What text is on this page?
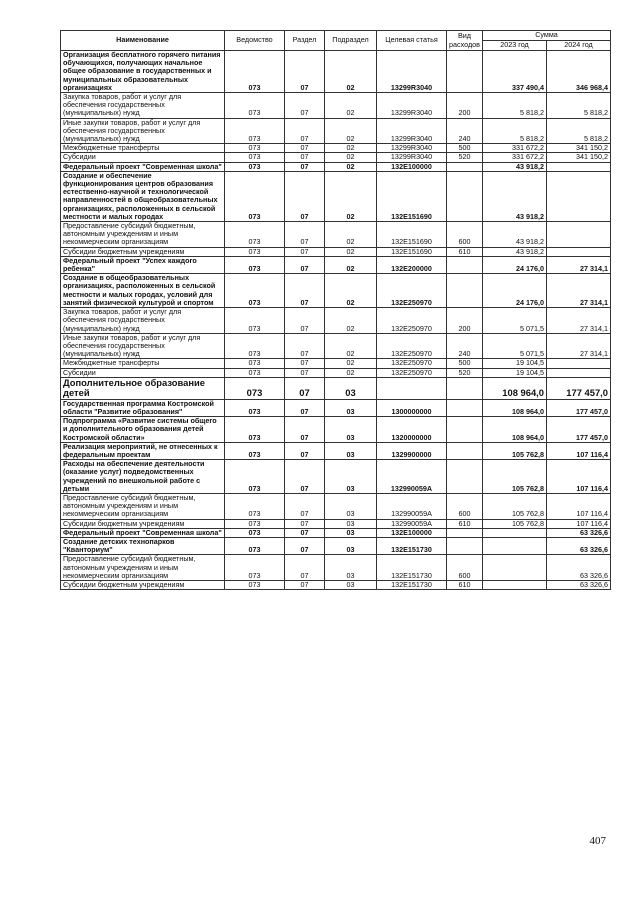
Наименование	Ведомство	Раздел	Подраздел	Целевая статья	Вид расходов	Сумма	
						2023 год	2024 год
Организация бесплатного горячего питания обучающихся, получающих начальное общее образование в государственных и муниципальных образовательных организациях	073	07	02	13299R3040		337 490,4	346 968,4
Закупка товаров, работ и услуг для обеспечения государственных (муниципальных) нужд	073	07	02	13299R3040	200	5 818,2	5 818,2
Иные закупки товаров, работ и услуг для обеспечения государственных (муниципальных) нужд	073	07	02	13299R3040	240	5 818,2	5 818,2
Межбюджетные трансферты	073	07	02	13299R3040	500	331 672,2	341 150,2
Субсидии	073	07	02	13299R3040	520	331 672,2	341 150,2
Федеральный проект "Современная школа"	073	07	02	132E100000		43 918,2	
Создание и обеспечение функционирования центров образования естественно-научной и технологической направленностей в общеобразовательных организациях, расположенных в сельской местности и малых городах	073	07	02	132E151690		43 918,2	
Предоставление субсидий бюджетным, автономным учреждениям и иным некоммерческим организациям	073	07	02	132E151690	600	43 918,2	
Субсидии бюджетным учреждениям	073	07	02	132E151690	610	43 918,2	
Федеральный проект "Успех каждого ребенка"	073	07	02	132E200000		24 176,0	27 314,1
Создание в общеобразовательных организациях, расположенных в сельской местности и малых городах, условий для занятий физической культурой и спортом	073	07	02	132E250970		24 176,0	27 314,1
Закупка товаров, работ и услуг для обеспечения государственных (муниципальных) нужд	073	07	02	132E250970	200	5 071,5	27 314,1
Иные закупки товаров, работ и услуг для обеспечения государственных (муниципальных) нужд	073	07	02	132E250970	240	5 071,5	27 314,1
Межбюджетные трансферты	073	07	02	132E250970	500	19 104,5	
Субсидии	073	07	02	132E250970	520	19 104,5	
Дополнительное образование детей	073	07	03			108 964,0	177 457,0
Государственная программа Костромской области "Развитие образования"	073	07	03	1300000000		108 964,0	177 457,0
Подпрограмма «Развитие системы общего и дополнительного образования детей Костромской области»	073	07	03	1320000000		108 964,0	177 457,0
Реализация мероприятий, не отнесенных к федеральным проектам	073	07	03	1329900000		105 762,8	107 116,4
Расходы на обеспечение деятельности (оказание услуг) подведомственных учреждений по внешкольной работе с детьми	073	07	03	132990059А		105 762,8	107 116,4
Предоставление субсидий бюджетным, автономным учреждениям и иным некоммерческим организациям	073	07	03	132990059А	600	105 762,8	107 116,4
Субсидии бюджетным учреждениям	073	07	03	132990059А	610	105 762,8	107 116,4
Федеральный проект "Современная школа"	073	07	03	132E100000			63 326,6
Создание детских технопарков "Кванториум"	073	07	03	132E151730			63 326,6
Предоставление субсидий бюджетным, автономным учреждениям и иным некоммерческим организациям	073	07	03	132E151730	600		63 326,6
Субсидии бюджетным учреждениям	073	07	03	132E151730	610		63 326,6
407
